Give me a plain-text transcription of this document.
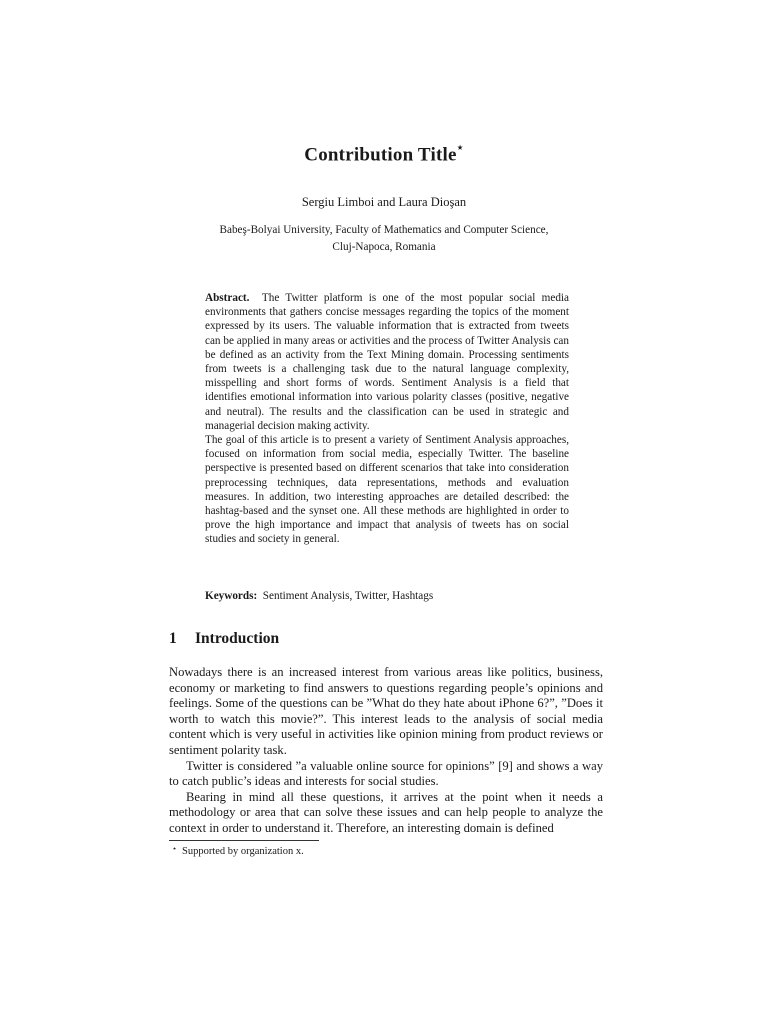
Contribution Title⋆
Sergiu Limboi and Laura Dioşan
Babeş-Bolyai University, Faculty of Mathematics and Computer Science,
Cluj-Napoca, Romania

Abstract. The Twitter platform is one of the most popular social media environments that gathers concise messages regarding the topics of the moment expressed by its users. The valuable information that is extracted from tweets can be applied in many areas or activities and the process of Twitter Analysis can be defined as an activity from the Text Mining domain. Processing sentiments from tweets is a challenging task due to the natural language complexity, misspelling and short forms of words. Sentiment Analysis is a field that identifies emotional information into various polarity classes (positive, negative and neutral). The results and the classification can be used in strategic and managerial decision making activity.

The goal of this article is to present a variety of Sentiment Analysis approaches, focused on information from social media, especially Twitter. The baseline perspective is presented based on different scenarios that take into consideration preprocessing techniques, data representations, methods and evaluation measures. In addition, two interesting approaches are detailed described: the hashtag-based and the synset one. All these methods are highlighted in order to prove the high importance and impact that analysis of tweets has on social studies and society in general.

Keywords: Sentiment Analysis, Twitter, Hashtags
1 Introduction

Nowadays there is an increased interest from various areas like politics, business, economy or marketing to find answers to questions regarding people’s opinions and feelings. Some of the questions can be ”What do they hate about iPhone 6?”, ”Does it worth to watch this movie?”. This interest leads to the analysis of social media content which is very useful in activities like opinion mining from product reviews or sentiment polarity task.

Twitter is considered ”a valuable online source for opinions” [9] and shows a way to catch public’s ideas and interests for social studies.

Bearing in mind all these questions, it arrives at the point when it needs a methodology or area that can solve these issues and can help people to analyze the context in order to understand it. Therefore, an interesting domain is defined

⋆ Supported by organization x.
